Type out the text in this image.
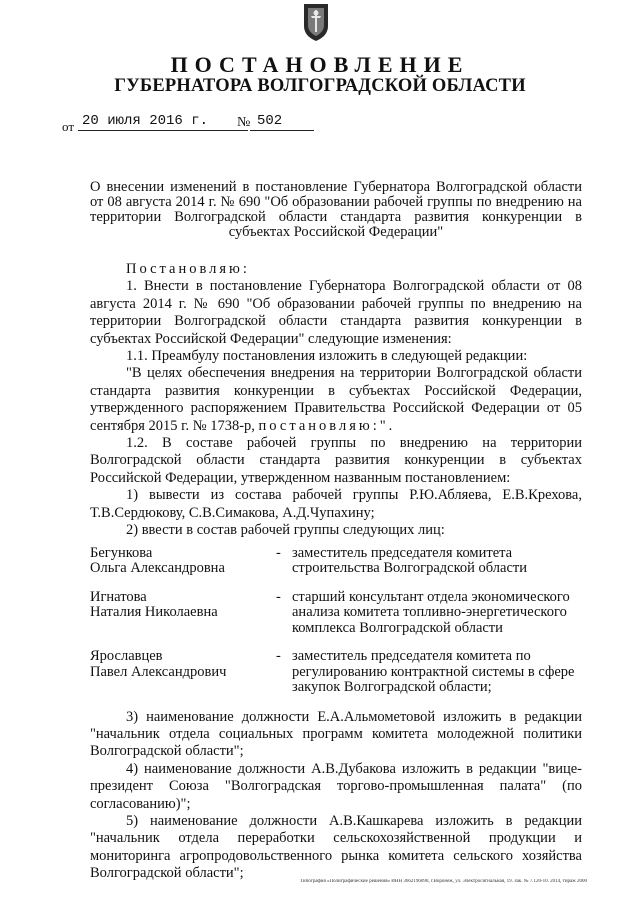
ПОСТАНОВЛЕНИЕ
ГУБЕРНАТОРА ВОЛГОГРАДСКОЙ ОБЛАСТИ
от 20 июля 2016 г. № 502
О внесении изменений в постановление Губернатора Волгоградской области от 08 августа 2014 г. № 690 "Об образовании рабочей группы по внедрению на территории Волгоградской области стандарта развития конкуренции в субъектах Российской Федерации"

Постановляю:

1. Внести в постановление Губернатора Волгоградской области от 08 августа 2014 г. № 690 "Об образовании рабочей группы по внедрению на территории Волгоградской области стандарта развития конкуренции в субъектах Российской Федерации" следующие изменения:

1.1. Преамбулу постановления изложить в следующей редакции:

"В целях обеспечения внедрения на территории Волгоградской области стандарта развития конкуренции в субъектах Российской Федерации, утвержденного распоряжением Правительства Российской Федерации от 05 сентября 2015 г. № 1738-р, постановляю:".

1.2. В составе рабочей группы по внедрению на территории Волгоградской области стандарта развития конкуренции в субъектах Российской Федерации, утвержденном названным постановлением:

1) вывести из состава рабочей группы Р.Ю.Абляева, Е.В.Крехова, Т.В.Сердюкову, С.В.Симакова, А.Д.Чупахину;

2) ввести в состав рабочей группы следующих лиц:

Бегункова
Ольга Александровна
- заместитель председателя комитета строительства Волгоградской области
Игнатова
Наталия Николаевна
- старший консультант отдела экономического анализа комитета топливно-энергетического комплекса Волгоградской области
Ярославцев
Павел Александрович
- заместитель председателя комитета по регулированию контрактной системы в сфере закупок Волгоградской области;

3) наименование должности Е.А.Альмометовой изложить в редакции "начальник отдела социальных программ комитета молодежной политики Волгоградской области";

4) наименование должности А.В.Дубакова изложить в редакции "вице-президент Союза "Волгоградская торгово-промышленная палата" (по согласованию)";

5) наименование должности А.В.Кашкарева изложить в редакции "начальник отдела переработки сельскохозяйственной продукции и мониторинга агропродовольственного рынка комитета сельского хозяйства Волгоградской области";

Типография «Полиграфические решения» ИНН 3662196090, г.Воронеж, ул. Электросигнальная, 19. Зак. № 7.120-10. 2014, тираж 2000
